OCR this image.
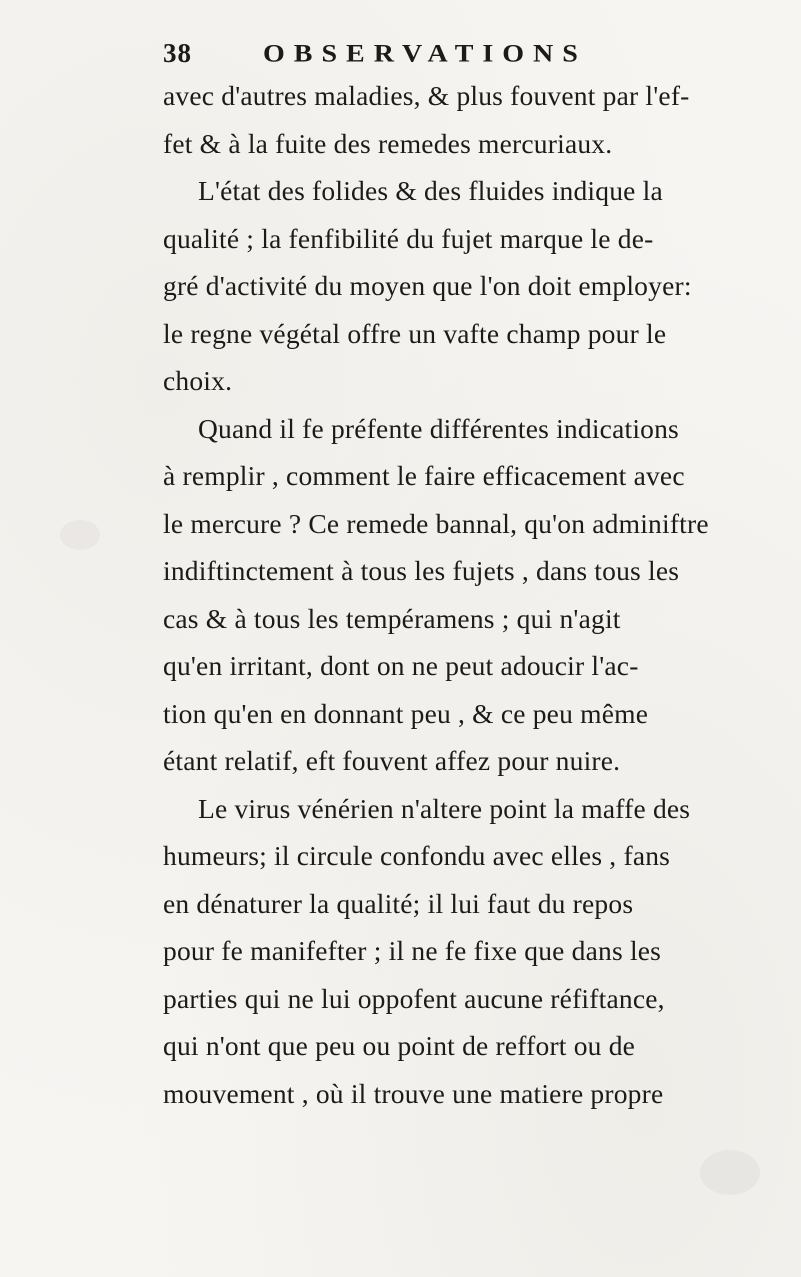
38	OBSERVATIONS
avec d'autres maladies, & plus fouvent par l'ef-
fet & à la fuite des remedes mercuriaux.
L'état des folides & des fluides indique la
qualité ; la fenfibilité du fujet marque le de-
gré d'activité du moyen que l'on doit employer:
le regne végétal offre un vafte champ pour le
choix.
Quand il fe préfente différentes indications
à remplir , comment le faire efficacement avec
le mercure ? Ce remede bannal, qu'on adminiftre
indiftinctement à tous les fujets , dans tous les
cas & à tous les tempéramens ; qui n'agit
qu'en irritant, dont on ne peut adoucir l'ac-
tion qu'en en donnant peu , & ce peu même
étant relatif, eft fouvent affez pour nuire.
Le virus vénérien n'altere point la maffe des
humeurs; il circule confondu avec elles , fans
en dénaturer la qualité; il lui faut du repos
pour fe manifefter ; il ne fe fixe que dans les
parties qui ne lui oppofent aucune réfiftance,
qui n'ont que peu ou point de reffort ou de
mouvement , où il trouve une matiere propre
